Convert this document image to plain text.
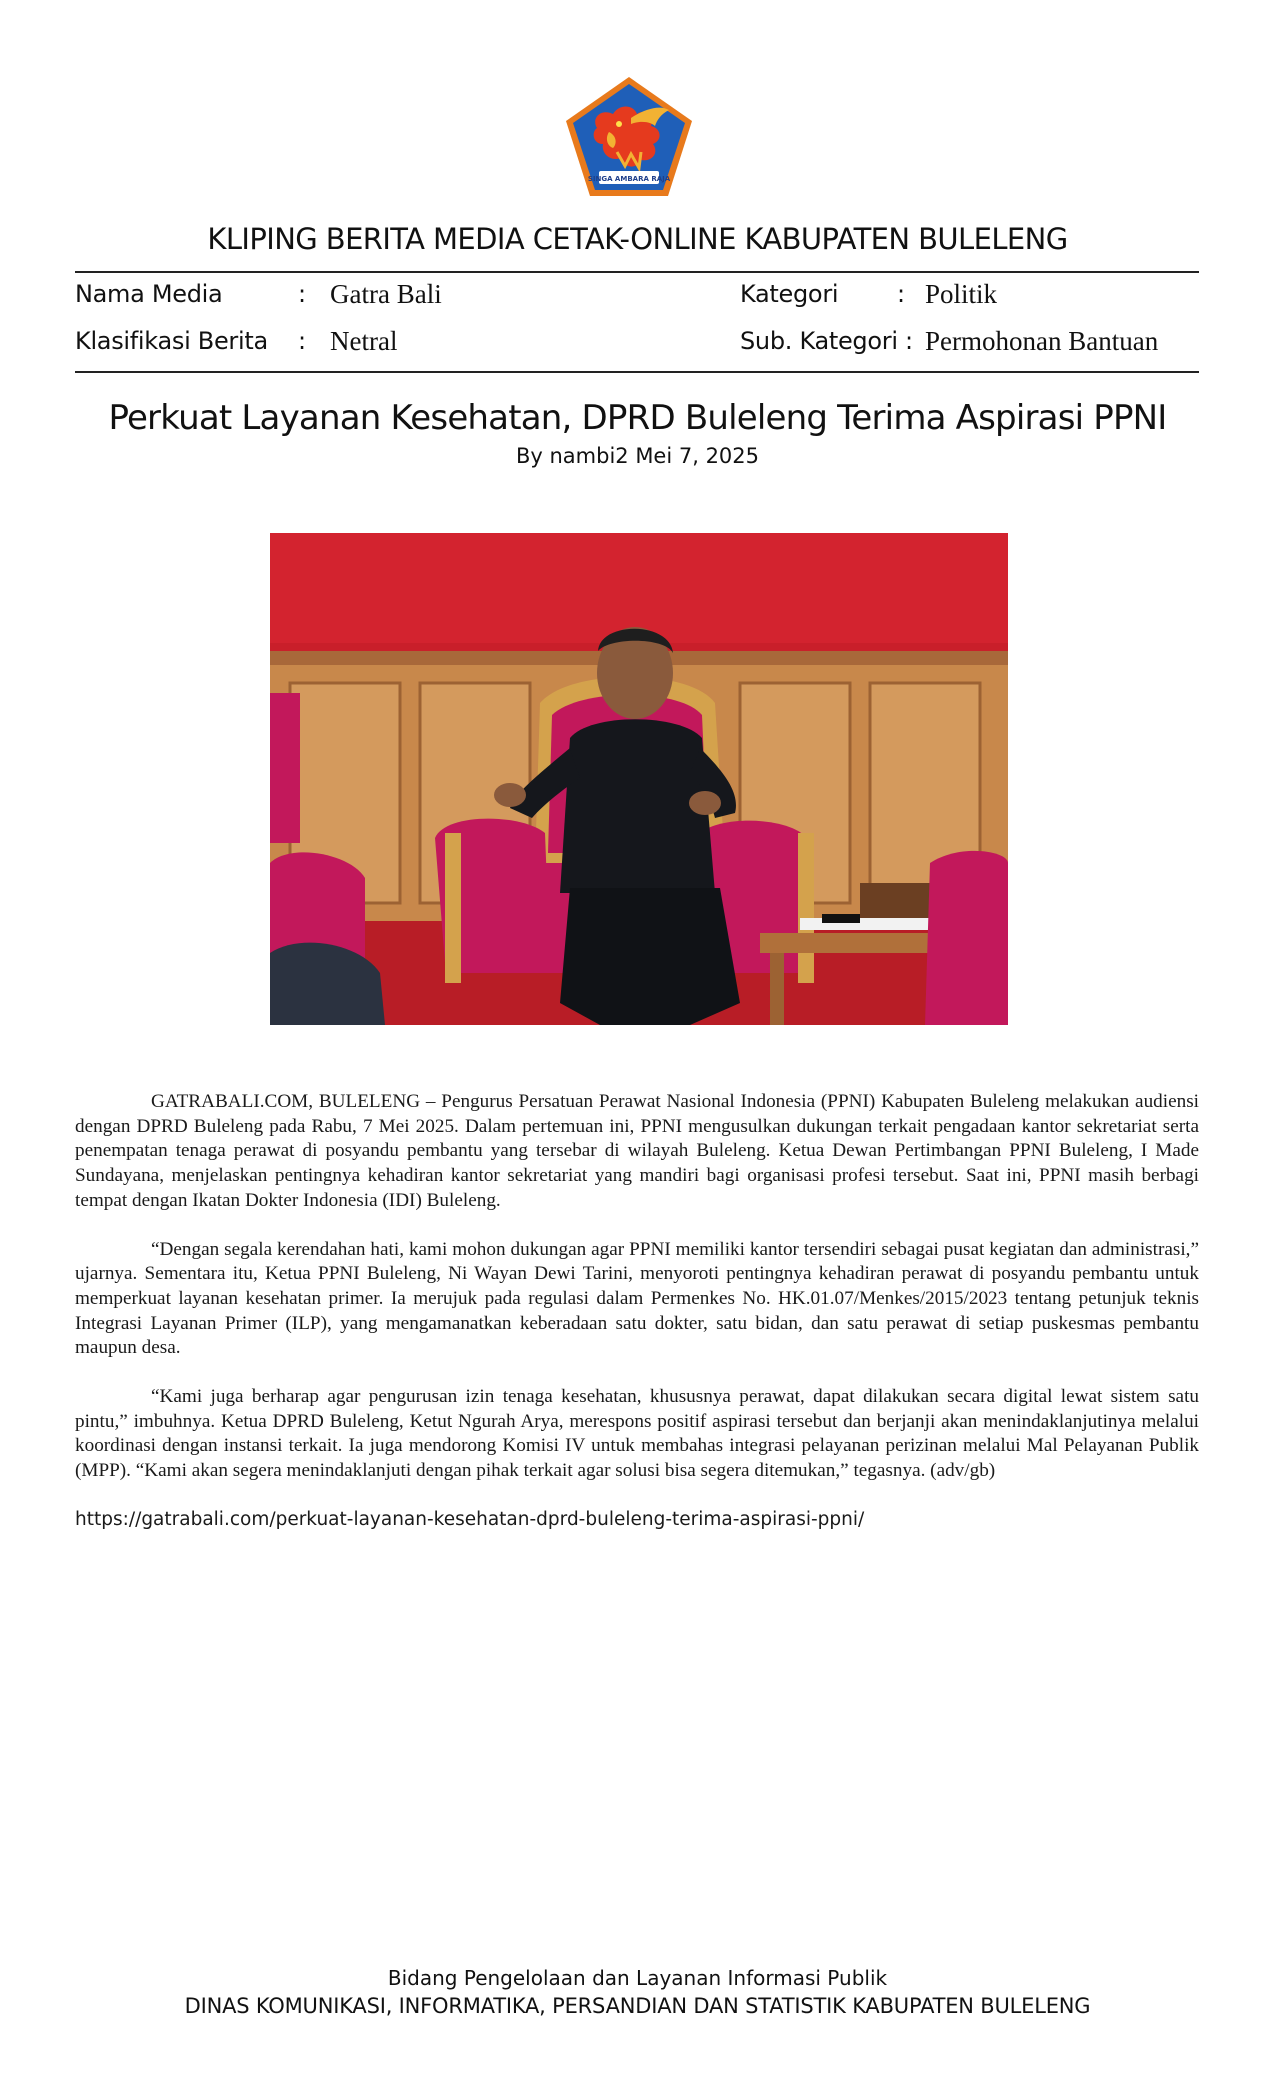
SINGA AMBARA RAJA
KLIPING BERITA MEDIA CETAK-ONLINE KABUPATEN BULELENG
Nama Media	: Gatra Bali	Kategori : Politik
Klasifikasi Berita : Netral	Sub. Kategori : Permohonan Bantuan
Perkuat Layanan Kesehatan, DPRD Buleleng Terima Aspirasi PPNI
By nambi2 Mei 7, 2025

GATRABALI.COM, BULELENG – Pengurus Persatuan Perawat Nasional Indonesia (PPNI) Kabupaten Buleleng melakukan audiensi dengan DPRD Buleleng pada Rabu, 7 Mei 2025. Dalam pertemuan ini, PPNI mengusulkan dukungan terkait pengadaan kantor sekretariat serta penempatan tenaga perawat di posyandu pembantu yang tersebar di wilayah Buleleng. Ketua Dewan Pertimbangan PPNI Buleleng, I Made Sundayana, menjelaskan pentingnya kehadiran kantor sekretariat yang mandiri bagi organisasi profesi tersebut. Saat ini, PPNI masih berbagi tempat dengan Ikatan Dokter Indonesia (IDI) Buleleng.

“Dengan segala kerendahan hati, kami mohon dukungan agar PPNI memiliki kantor tersendiri sebagai pusat kegiatan dan administrasi,” ujarnya. Sementara itu, Ketua PPNI Buleleng, Ni Wayan Dewi Tarini, menyoroti pentingnya kehadiran perawat di posyandu pembantu untuk memperkuat layanan kesehatan primer. Ia merujuk pada regulasi dalam Permenkes No. HK.01.07/Menkes/2015/2023 tentang petunjuk teknis Integrasi Layanan Primer (ILP), yang mengamanatkan keberadaan satu dokter, satu bidan, dan satu perawat di setiap puskesmas pembantu maupun desa.

“Kami juga berharap agar pengurusan izin tenaga kesehatan, khususnya perawat, dapat dilakukan secara digital lewat sistem satu pintu,” imbuhnya. Ketua DPRD Buleleng, Ketut Ngurah Arya, merespons positif aspirasi tersebut dan berjanji akan menindaklanjutinya melalui koordinasi dengan instansi terkait. Ia juga mendorong Komisi IV untuk membahas integrasi pelayanan perizinan melalui Mal Pelayanan Publik (MPP). “Kami akan segera menindaklanjuti dengan pihak terkait agar solusi bisa segera ditemukan,” tegasnya. (adv/gb)

https://gatrabali.com/perkuat-layanan-kesehatan-dprd-buleleng-terima-aspirasi-ppni/

Bidang Pengelolaan dan Layanan Informasi Publik
DINAS KOMUNIKASI, INFORMATIKA, PERSANDIAN DAN STATISTIK KABUPATEN BULELENG
